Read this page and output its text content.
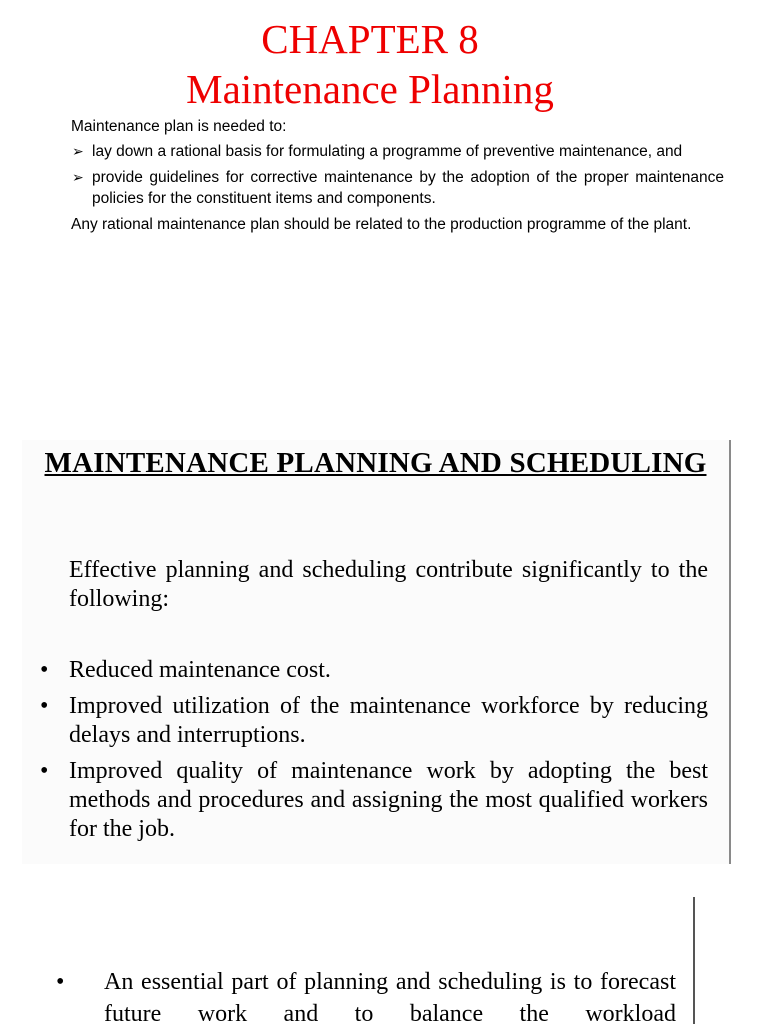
CHAPTER 8
Maintenance Planning

Maintenance plan is needed to:

➢ lay down a rational basis for formulating a programme of preventive maintenance, and
➢ provide guidelines for corrective maintenance by the adoption of the proper maintenance policies for the constituent items and components.

Any rational maintenance plan should be related to the production programme of the plant.

MAINTENANCE PLANNING AND SCHEDULING

Effective planning and scheduling contribute significantly to the following:

• Reduced maintenance cost.
• Improved utilization of the maintenance workforce by reducing delays and interruptions.
• Improved quality of maintenance work by adopting the best methods and procedures and assigning the most qualified workers for the job.
• An essential part of planning and scheduling is to forecast future work and to balance the workload
